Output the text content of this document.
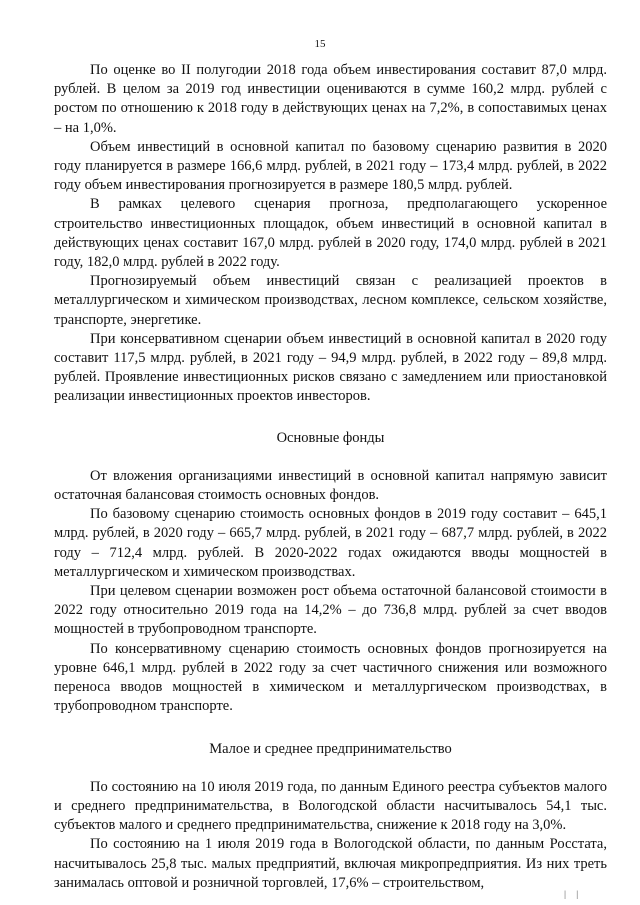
15

По оценке во II полугодии 2018 года объем инвестирования составит 87,0 млрд. рублей. В целом за 2019 год инвестиции оцениваются в сумме 160,2 млрд. рублей с ростом по отношению к 2018 году в действующих ценах на 7,2%, в сопоставимых ценах – на 1,0%.

Объем инвестиций в основной капитал по базовому сценарию развития в 2020 году планируется в размере 166,6 млрд. рублей, в 2021 году – 173,4 млрд. рублей, в 2022 году объем инвестирования прогнозируется в размере 180,5 млрд. рублей.

В рамках целевого сценария прогноза, предполагающего ускоренное строительство инвестиционных площадок, объем инвестиций в основной капитал в действующих ценах составит 167,0 млрд. рублей в 2020 году, 174,0 млрд. рублей в 2021 году, 182,0 млрд. рублей в 2022 году.

Прогнозируемый объем инвестиций связан с реализацией проектов в металлургическом и химическом производствах, лесном комплексе, сельском хозяйстве, транспорте, энергетике.

При консервативном сценарии объем инвестиций в основной капитал в 2020 году составит 117,5 млрд. рублей, в 2021 году – 94,9 млрд. рублей, в 2022 году – 89,8 млрд. рублей. Проявление инвестиционных рисков связано с замедлением или приостановкой реализации инвестиционных проектов инвесторов.

Основные фонды

От вложения организациями инвестиций в основной капитал напрямую зависит остаточная балансовая стоимость основных фондов.

По базовому сценарию стоимость основных фондов в 2019 году составит – 645,1 млрд. рублей, в 2020 году – 665,7 млрд. рублей, в 2021 году – 687,7 млрд. рублей, в 2022 году – 712,4 млрд. рублей. В 2020-2022 годах ожидаются вводы мощностей в металлургическом и химическом производствах.

При целевом сценарии возможен рост объема остаточной балансовой стоимости в 2022 году относительно 2019 года на 14,2% – до 736,8 млрд. рублей за счет вводов мощностей в трубопроводном транспорте.

По консервативному сценарию стоимость основных фондов прогнозируется на уровне 646,1 млрд. рублей в 2022 году за счет частичного снижения или возможного переноса вводов мощностей в химическом и металлургическом производствах, в трубопроводном транспорте.

Малое и среднее предпринимательство

По состоянию на 10 июля 2019 года, по данным Единого реестра субъектов малого и среднего предпринимательства, в Вологодской области насчитывалось 54,1 тыс. субъектов малого и среднего предпринимательства, снижение к 2018 году на 3,0%.

По состоянию на 1 июля 2019 года в Вологодской области, по данным Росстата, насчитывалось 25,8 тыс. малых предприятий, включая микропредприятия. Из них треть занималась оптовой и розничной торговлей, 17,6% – строительством,

| |
